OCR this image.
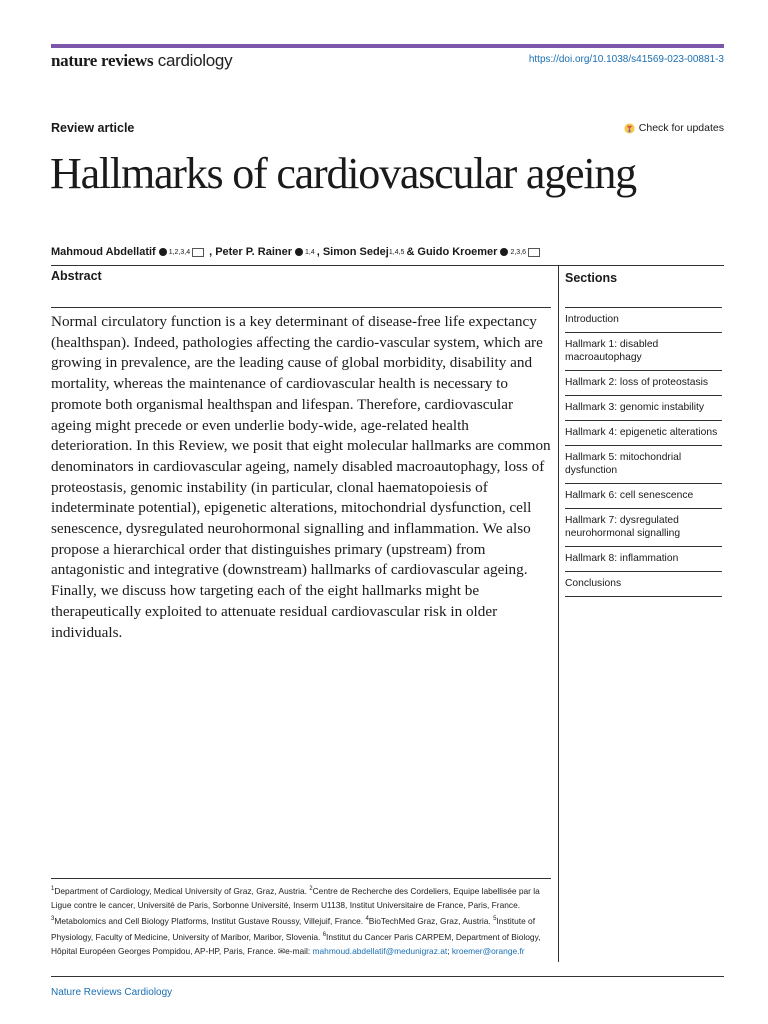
nature reviews cardiology	https://doi.org/10.1038/s41569-023-00881-3
Review article	Check for updates
Hallmarks of cardiovascular ageing
Mahmoud Abdellatif 1,2,3,4 , Peter P. Rainer 1,4 , Simon Sedej 1,4,5 & Guido Kroemer 2,3,6
Abstract

Normal circulatory function is a key determinant of disease-free life expectancy (healthspan). Indeed, pathologies affecting the cardio-vascular system, which are growing in prevalence, are the leading cause of global morbidity, disability and mortality, whereas the maintenance of cardiovascular health is necessary to promote both organismal healthspan and lifespan. Therefore, cardiovascular ageing might precede or even underlie body-wide, age-related health deterioration. In this Review, we posit that eight molecular hallmarks are common denominators in cardiovascular ageing, namely disabled macroautophagy, loss of proteostasis, genomic instability (in particular, clonal haematopoiesis of indeterminate potential), epigenetic alterations, mitochondrial dysfunction, cell senescence, dysregulated neurohormonal signalling and inflammation. We also propose a hierarchical order that distinguishes primary (upstream) from antagonistic and integrative (downstream) hallmarks of cardiovascular ageing. Finally, we discuss how targeting each of the eight hallmarks might be therapeutically exploited to attenuate residual cardiovascular risk in older individuals.

Sections
Introduction
Hallmark 1: disabled macroautophagy
Hallmark 2: loss of proteostasis
Hallmark 3: genomic instability
Hallmark 4: epigenetic alterations
Hallmark 5: mitochondrial dysfunction
Hallmark 6: cell senescence
Hallmark 7: dysregulated neurohormonal signalling
Hallmark 8: inflammation
Conclusions

$^1$Department of Cardiology, Medical University of Graz, Graz, Austria. $^2$Centre de Recherche des Cordeliers, Equipe labellisée par la Ligue contre le cancer, Université de Paris, Sorbonne Université, Inserm U1138, Institut Universitaire de France, Paris, France. $^3$Metabolomics and Cell Biology Platforms, Institut Gustave Roussy, Villejuif, France. $^4$BioTechMed Graz, Graz, Austria. $^5$Institute of Physiology, Faculty of Medicine, University of Maribor, Maribor, Slovenia. $^6$Institut du Cancer Paris CARPEM, Department of Biology, Hôpital Européen Georges Pompidou, AP-HP, Paris, France. ✉e-mail: mahmoud.abdellatif@medunigraz.at; kroemer@orange.fr

Nature Reviews Cardiology
